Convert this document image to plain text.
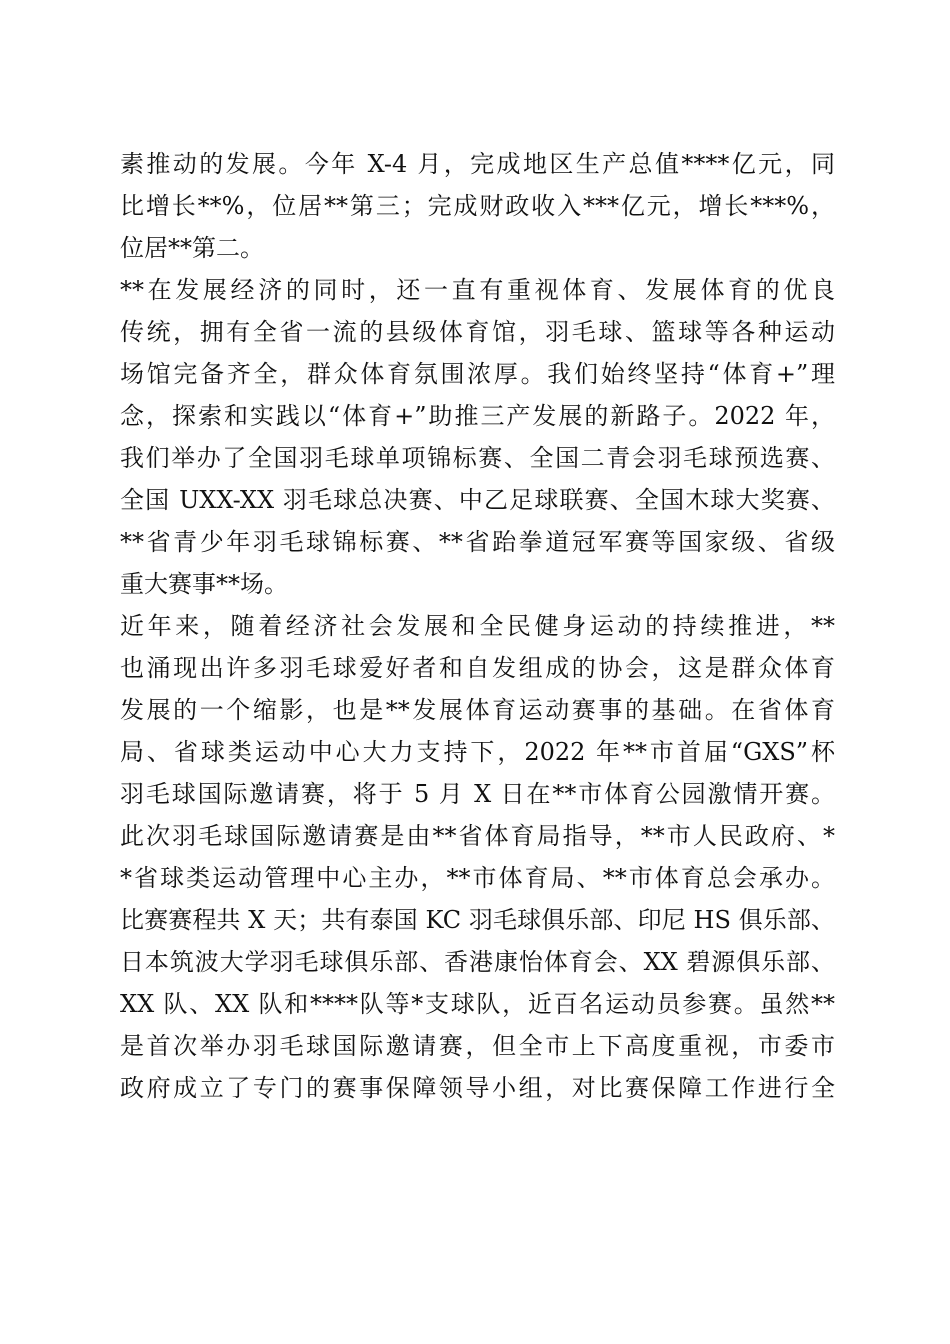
素推动的发展。今年 X-4 月，完成地区生产总值****亿元，同
比增长**%，位居**第三；完成财政收入***亿元，增长***%，
位居**第二。
**在发展经济的同时，还一直有重视体育、发展体育的优良
传统，拥有全省一流的县级体育馆，羽毛球、篮球等各种运动
场馆完备齐全，群众体育氛围浓厚。我们始终坚持“体育+”理
念，探索和实践以“体育+”助推三产发展的新路子。2022 年，
我们举办了全国羽毛球单项锦标赛、全国二青会羽毛球预选赛、
全国 UXX-XX 羽毛球总决赛、中乙足球联赛、全国木球大奖赛、
**省青少年羽毛球锦标赛、**省跆拳道冠军赛等国家级、省级
重大赛事**场。
近年来，随着经济社会发展和全民健身运动的持续推进，**
也涌现出许多羽毛球爱好者和自发组成的协会，这是群众体育
发展的一个缩影，也是**发展体育运动赛事的基础。在省体育
局、省球类运动中心大力支持下，2022 年**市首届“GXS”杯
羽毛球国际邀请赛，将于 5 月 X 日在**市体育公园激情开赛。
此次羽毛球国际邀请赛是由**省体育局指导，**市人民政府、*
*省球类运动管理中心主办，**市体育局、**市体育总会承办。
比赛赛程共 X 天；共有泰国 KC 羽毛球俱乐部、印尼 HS 俱乐部、
日本筑波大学羽毛球俱乐部、香港康怡体育会、XX 碧源俱乐部、
XX 队、XX 队和****队等*支球队，近百名运动员参赛。虽然**
是首次举办羽毛球国际邀请赛，但全市上下高度重视，市委市
政府成立了专门的赛事保障领导小组，对比赛保障工作进行全
